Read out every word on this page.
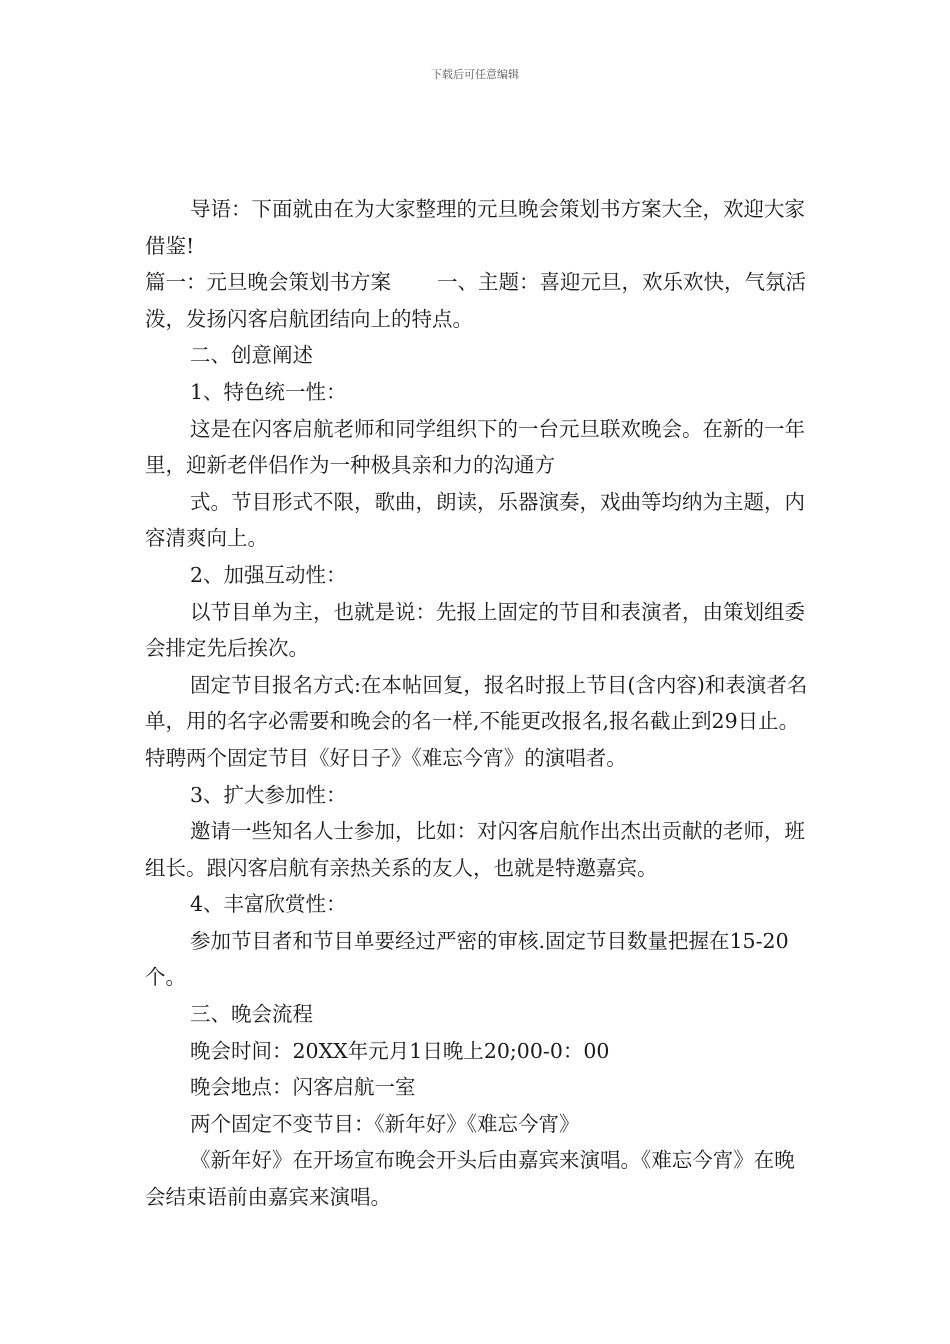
下载后可任意编辑

导语：下面就由在为大家整理的元旦晚会策划书方案大全，欢迎大家借鉴!

篇一：元旦晚会策划书方案 一、主题：喜迎元旦，欢乐欢快，气氛活泼，发扬闪客启航团结向上的特点。

二、创意阐述

1、特色统一性：

这是在闪客启航老师和同学组织下的一台元旦联欢晚会。在新的一年里，迎新老伴侣作为一种极具亲和力的沟通方

式。节目形式不限，歌曲，朗读，乐器演奏，戏曲等均纳为主题，内容清爽向上。

2、加强互动性：

以节目单为主，也就是说：先报上固定的节目和表演者，由策划组委会排定先后挨次。

固定节目报名方式:在本帖回复，报名时报上节目(含内容)和表演者名单，用的名字必需要和晚会的名一样,不能更改报名,报名截止到29日止。特聘两个固定节目《好日子》《难忘今宵》的演唱者。

3、扩大参加性：

邀请一些知名人士参加，比如：对闪客启航作出杰出贡献的老师，班组长。跟闪客启航有亲热关系的友人，也就是特邀嘉宾。

4、丰富欣赏性：

参加节目者和节目单要经过严密的审核.固定节目数量把握在15-20个。

三、晚会流程

晚会时间：20XX年元月1日晚上20;00-0：00

晚会地点：闪客启航一室

两个固定不变节目：《新年好》《难忘今宵》

《新年好》在开场宣布晚会开头后由嘉宾来演唱。《难忘今宵》在晚会结束语前由嘉宾来演唱。
